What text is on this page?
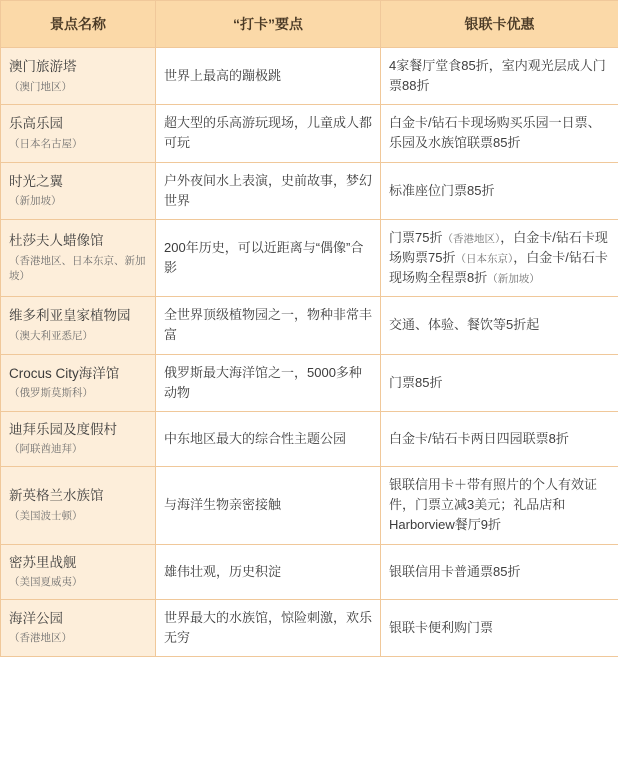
景点名称	“打卡”要点	银联卡优惠

澳门旅游塔
（澳门地区）	世界上最高的蹦极跳	4家餐厅堂食85折，室内观光层成人门票88折

乐高乐园
（日本名古屋）	超大型的乐高游玩现场，儿童成人都可玩	白金卡/钻石卡现场购买乐园一日票、乐园及水族馆联票85折

时光之翼
（新加坡）	户外夜间水上表演，史前故事，梦幻世界	标准座位门票85折

杜莎夫人蜡像馆
（香港地区、日本东京、新加坡）	200年历史，可以近距离与“偶像”合影	门票75折（香港地区），白金卡/钻石卡现场购票75折（日本东京），白金卡/钻石卡现场购全程票8折（新加坡）

维多利亚皇家植物园
（澳大利亚悉尼）	全世界顶级植物园之一，物种非常丰富	交通、体验、餐饮等5折起

Crocus City海洋馆
（俄罗斯莫斯科）	俄罗斯最大海洋馆之一，5000多种动物	门票85折

迪拜乐园及度假村
（阿联酋迪拜）	中东地区最大的综合性主题公园	白金卡/钻石卡两日四园联票8折

新英格兰水族馆
（美国波士顿）	与海洋生物亲密接触	银联信用卡＋带有照片的个人有效证件，门票立减3美元；礼品店和Harborview餐厅9折

密苏里战舰
（美国夏威夷）	雄伟壮观，历史积淀	银联信用卡普通票85折

海洋公园
（香港地区）	世界最大的水族馆，惊险刺激，欢乐无穷	银联卡便利购门票
